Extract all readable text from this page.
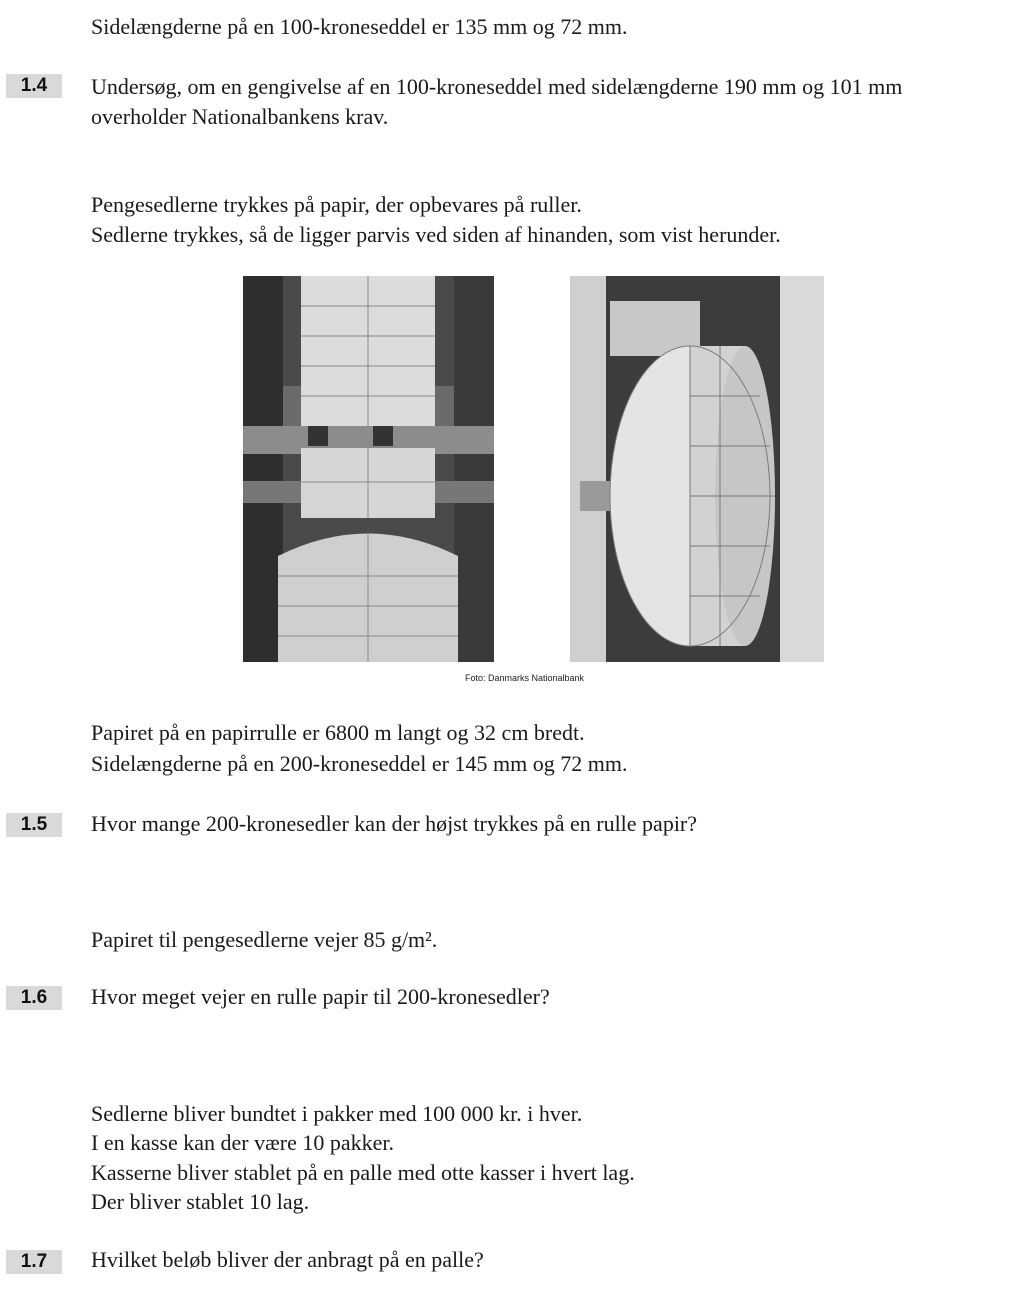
Sidelængderne på en 100-kroneseddel er 135 mm og 72 mm.

1.4	Undersøg, om en gengivelse af en 100-kroneseddel med sidelængderne 190 mm og 101 mm

overholder Nationalbankens krav.

Pengesedlerne trykkes på papir, der opbevares på ruller.

Sedlerne trykkes, så de ligger parvis ved siden af hinanden, som vist herunder.

Foto: Danmarks Nationalbank

Papiret på en papirrulle er 6800 m langt og 32 cm bredt.

Sidelængderne på en 200-kroneseddel er 145 mm og 72 mm.

1.5	Hvor mange 200-kronesedler kan der højst trykkes på en rulle papir?

Papiret til pengesedlerne vejer 85 g/m².

1.6	Hvor meget vejer en rulle papir til 200-kronesedler?

Sedlerne bliver bundtet i pakker med 100 000 kr. i hver.

I en kasse kan der være 10 pakker.

Kasserne bliver stablet på en palle med otte kasser i hvert lag.

Der bliver stablet 10 lag.

1.7	Hvilket beløb bliver der anbragt på en palle?
